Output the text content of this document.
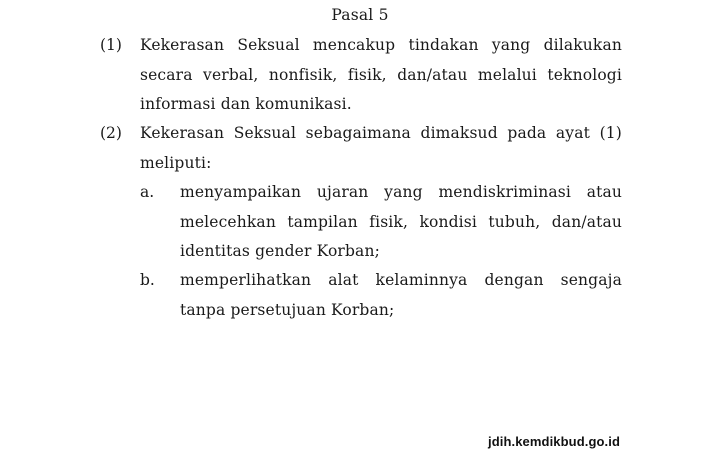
Pasal 5
(1)	Kekerasan Seksual mencakup tindakan yang dilakukan secara verbal, nonfisik, fisik, dan/atau melalui teknologi informasi dan komunikasi.
(2)	Kekerasan Seksual sebagaimana dimaksud pada ayat (1) meliputi:
a.	menyampaikan ujaran yang mendiskriminasi atau melecehkan tampilan fisik, kondisi tubuh, dan/atau identitas gender Korban;
b.	memperlihatkan alat kelaminnya dengan sengaja tanpa persetujuan Korban;
jdih.kemdikbud.go.id
